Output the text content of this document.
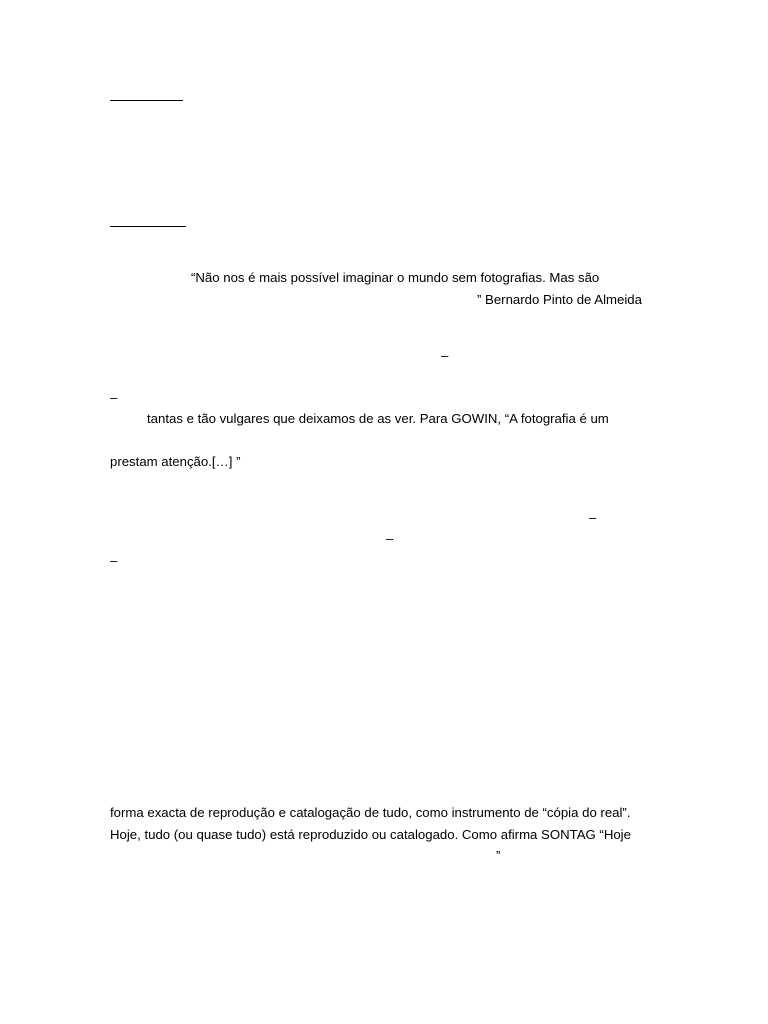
“Não nos é mais possível imaginar o mundo sem fotografias. Mas são
” Bernardo Pinto de Almeida
–
–
tantas e tão vulgares que deixamos de as ver. Para GOWIN, “A fotografia é um
prestam atenção.[…] ”
–
–
–
forma exacta de reprodução e catalogação de tudo, como instrumento de “cópia do real”.
Hoje, tudo (ou quase tudo) está reproduzido ou catalogado. Como afirma SONTAG “Hoje
”
